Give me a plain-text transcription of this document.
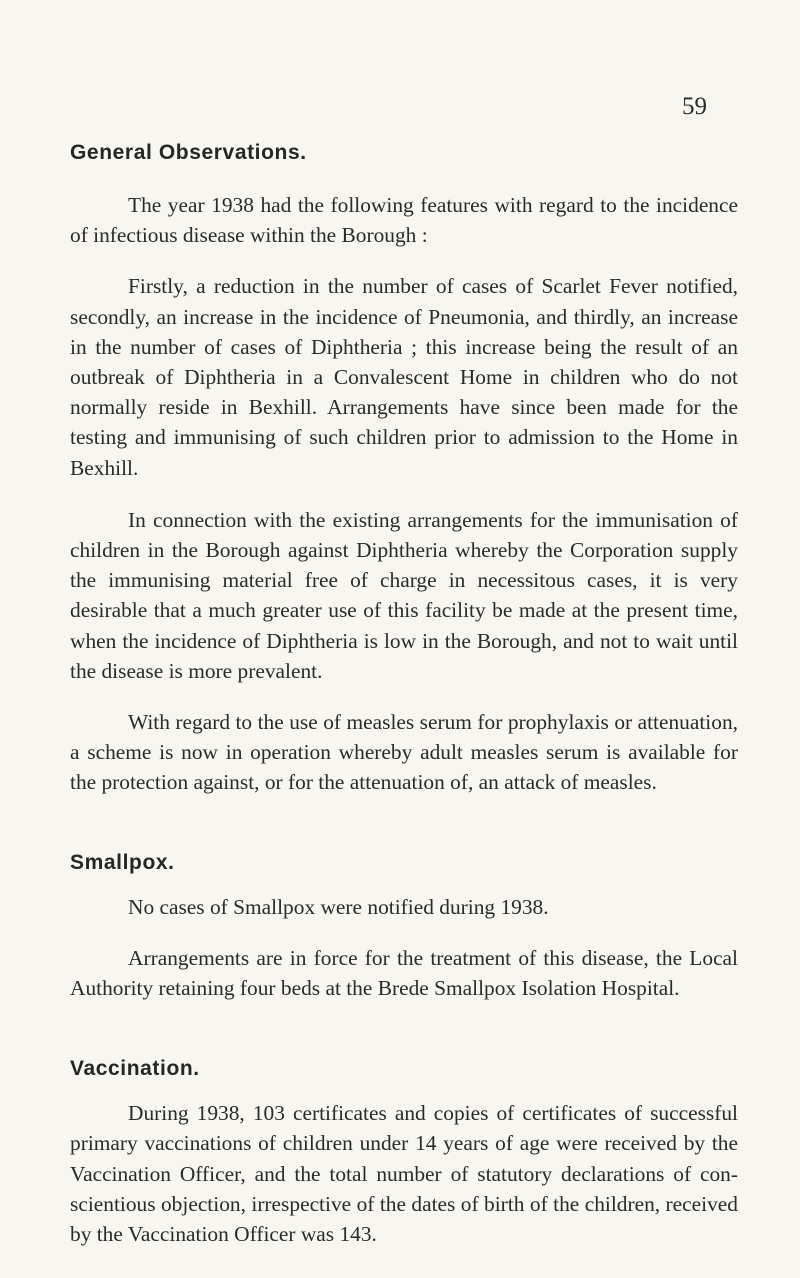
59
General Observations.

The year 1938 had the following features with regard to the incidence of infectious disease within the Borough :

Firstly, a reduction in the number of cases of Scarlet Fever notified, secondly, an increase in the incidence of Pneumonia, and thirdly, an increase in the number of cases of Diphtheria ; this increase being the result of an outbreak of Diphtheria in a Convalescent Home in children who do not normally reside in Bexhill. Arrangements have since been made for the testing and immunising of such children prior to admission to the Home in Bexhill.

In connection with the existing arrangements for the immunisation of children in the Borough against Diphtheria whereby the Corporation supply the immunising material free of charge in necessitous cases, it is very desirable that a much greater use of this facility be made at the present time, when the incidence of Diphtheria is low in the Borough, and not to wait until the disease is more prevalent.

With regard to the use of measles serum for prophylaxis or attenuation, a scheme is now in operation whereby adult measles serum is available for the protection against, or for the attenuation of, an attack of measles.

Smallpox.

No cases of Smallpox were notified during 1938.

Arrangements are in force for the treatment of this disease, the Local Authority retaining four beds at the Brede Smallpox Isolation Hospital.

Vaccination.

During 1938, 103 certificates and copies of certificates of successful primary vaccinations of children under 14 years of age were received by the Vaccination Officer, and the total number of statutory declarations of conscientious objection, irrespective of the dates of birth of the children, received by the Vaccination Officer was 143.
